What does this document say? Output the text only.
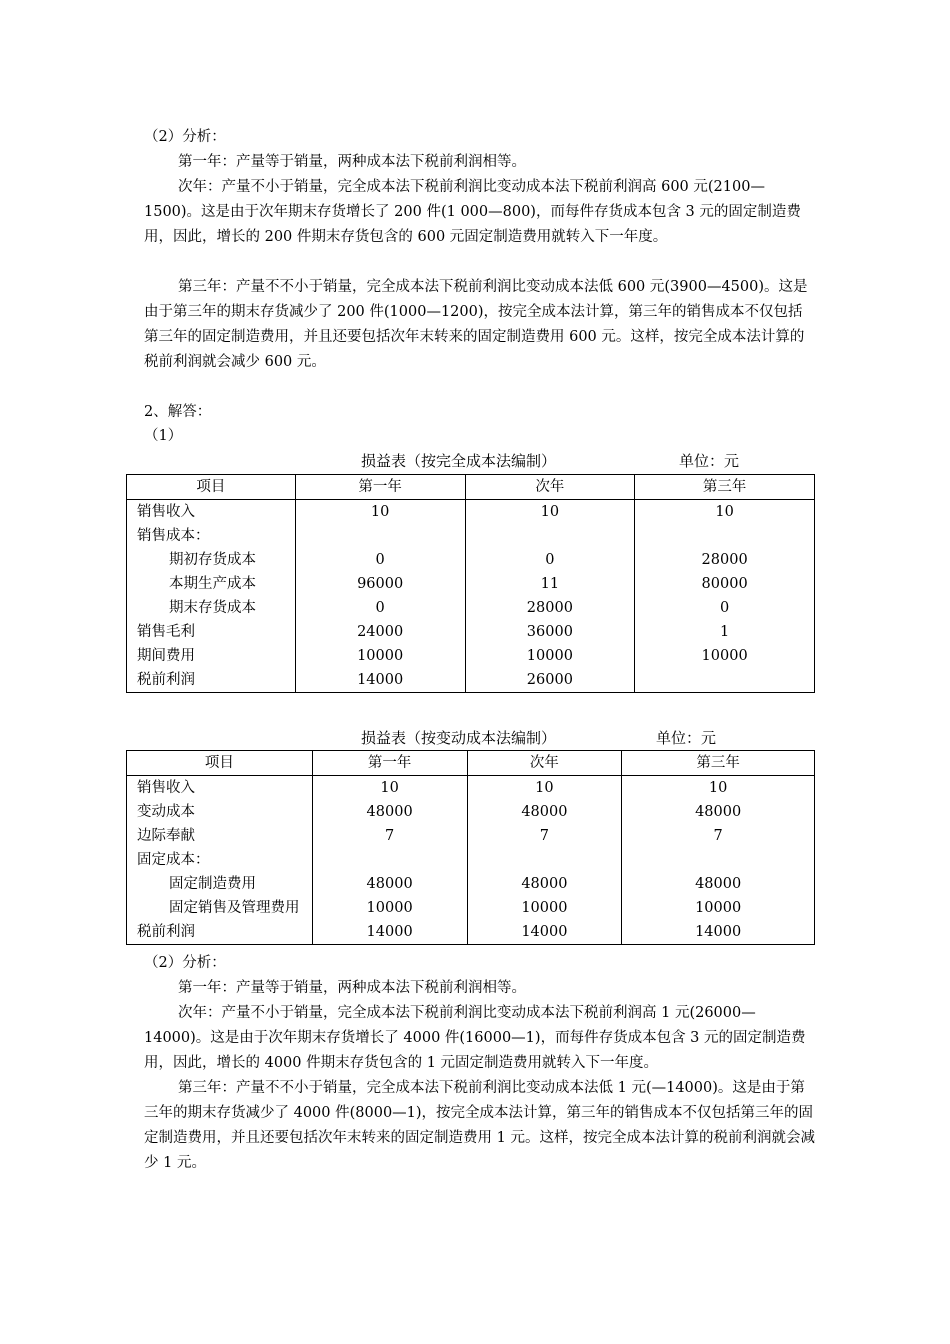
（2）分析：

第一年：产量等于销量，两种成本法下税前利润相等。

次年：产量不小于销量，完全成本法下税前利润比变动成本法下税前利润高 600 元(2100—1500)。这是由于次年期末存货增长了 200 件(1 000—800)，而每件存货成本包含 3 元的固定制造费用，因此，增长的 200 件期末存货包含的 600 元固定制造费用就转入下一年度。

第三年：产量不不小于销量，完全成本法下税前利润比变动成本法低 600 元(3900—4500)。这是由于第三年的期末存货减少了 200 件(1000—1200)，按完全成本法计算，第三年的销售成本不仅包括第三年的固定制造费用，并且还要包括次年末转来的固定制造费用 600 元。这样，按完全成本法计算的税前利润就会减少 600 元。

2、解答：

（1）

损益表（按完全成本法编制）	单位：元
项目	第一年	次年	第三年
销售收入	10	10	10
销售成本：			
期初存货成本	0	0	28000
本期生产成本	96000	11	80000
期末存货成本	0	28000	0
销售毛利	24000	36000	1
期间费用	10000	10000	10000
税前利润	14000	26000	
损益表（按变动成本法编制）	单位：元
项目	第一年	次年	第三年
销售收入	10	10	10
变动成本	48000	48000	48000
边际奉献	7	7	7
固定成本：			
固定制造费用	48000	48000	48000
固定销售及管理费用	10000	10000	10000
税前利润	14000	14000	14000

（2）分析：

第一年：产量等于销量，两种成本法下税前利润相等。

次年：产量不小于销量，完全成本法下税前利润比变动成本法下税前利润高 1 元(26000—14000)。这是由于次年期末存货增长了 4000 件(16000—1)，而每件存货成本包含 3 元的固定制造费用，因此，增长的 4000 件期末存货包含的 1 元固定制造费用就转入下一年度。

第三年：产量不不小于销量，完全成本法下税前利润比变动成本法低 1 元(—14000)。这是由于第三年的期末存货减少了 4000 件(8000—1)，按完全成本法计算，第三年的销售成本不仅包括第三年的固定制造费用，并且还要包括次年末转来的固定制造费用 1 元。这样，按完全成本法计算的税前利润就会减少 1 元。
